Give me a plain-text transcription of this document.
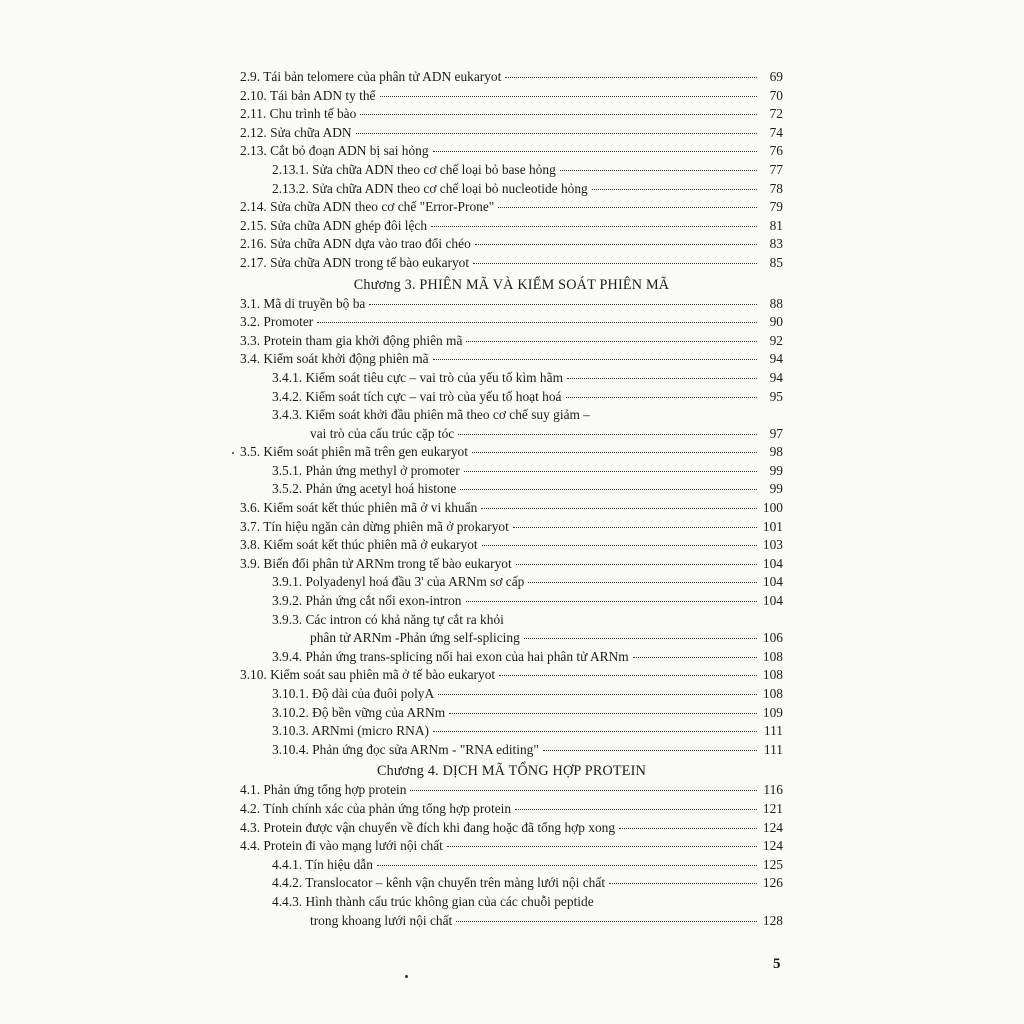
2.9. Tái bản telomere của phân tử ADN eukaryot	69
2.10. Tái bản ADN ty thể	70
2.11. Chu trình tế bào	72
2.12. Sửa chữa ADN	74
2.13. Cắt bỏ đoạn ADN bị sai hỏng	76
2.13.1. Sửa chữa ADN theo cơ chế loại bỏ base hỏng	77
2.13.2. Sửa chữa ADN theo cơ chế loại bỏ nucleotide hỏng	78
2.14. Sửa chữa ADN theo cơ chế "Error-Prone"	79
2.15. Sửa chữa ADN ghép đôi lệch	81
2.16. Sửa chữa ADN dựa vào trao đổi chéo	83
2.17. Sửa chữa ADN trong tế bào eukaryot	85
Chương 3. PHIÊN MÃ VÀ KIỂM SOÁT PHIÊN MÃ
3.1. Mã di truyền bộ ba	88
3.2. Promoter	90
3.3. Protein tham gia khởi động phiên mã	92
3.4. Kiểm soát khởi động phiên mã	94
3.4.1. Kiểm soát tiêu cực – vai trò của yếu tố kìm hãm	94
3.4.2. Kiểm soát tích cực – vai trò của yếu tố hoạt hoá	95
3.4.3. Kiểm soát khởi đầu phiên mã theo cơ chế suy giảm –
vai trò của cấu trúc cặp tóc	97
3.5. Kiểm soát phiên mã trên gen eukaryot	98
3.5.1. Phản ứng methyl ở promoter	99
3.5.2. Phản ứng acetyl hoá histone	99
3.6. Kiểm soát kết thúc phiên mã ở vi khuẩn	100
3.7. Tín hiệu ngăn cản dừng phiên mã ở prokaryot	101
3.8. Kiểm soát kết thúc phiên mã ở eukaryot	103
3.9. Biến đổi phân tử ARNm trong tế bào eukaryot	104
3.9.1. Polyadenyl hoá đầu 3' của ARNm sơ cấp	104
3.9.2. Phản ứng cắt nối exon-intron	104
3.9.3. Các intron có khả năng tự cắt ra khỏi
phân tử ARNm -Phản ứng self-splicing	106
3.9.4. Phản ứng trans-splicing nối hai exon của hai phân tử ARNm	108
3.10. Kiểm soát sau phiên mã ở tế bào eukaryot	108
3.10.1. Độ dài của đuôi polyA	108
3.10.2. Độ bền vững của ARNm	109
3.10.3. ARNmi (micro RNA)	111
3.10.4. Phản ứng đọc sửa ARNm - "RNA editing"	111
Chương 4. DỊCH MÃ TỔNG HỢP PROTEIN
4.1. Phản ứng tổng hợp protein	116
4.2. Tính chính xác của phản ứng tổng hợp protein	121
4.3. Protein được vận chuyển về đích khi đang hoặc đã tổng hợp xong	124
4.4. Protein đi vào mạng lưới nội chất	124
4.4.1. Tín hiệu dẫn	125
4.4.2. Translocator – kênh vận chuyển trên màng lưới nội chất	126
4.4.3. Hình thành cấu trúc không gian của các chuỗi peptide
trong khoang lưới nội chất	128
5
